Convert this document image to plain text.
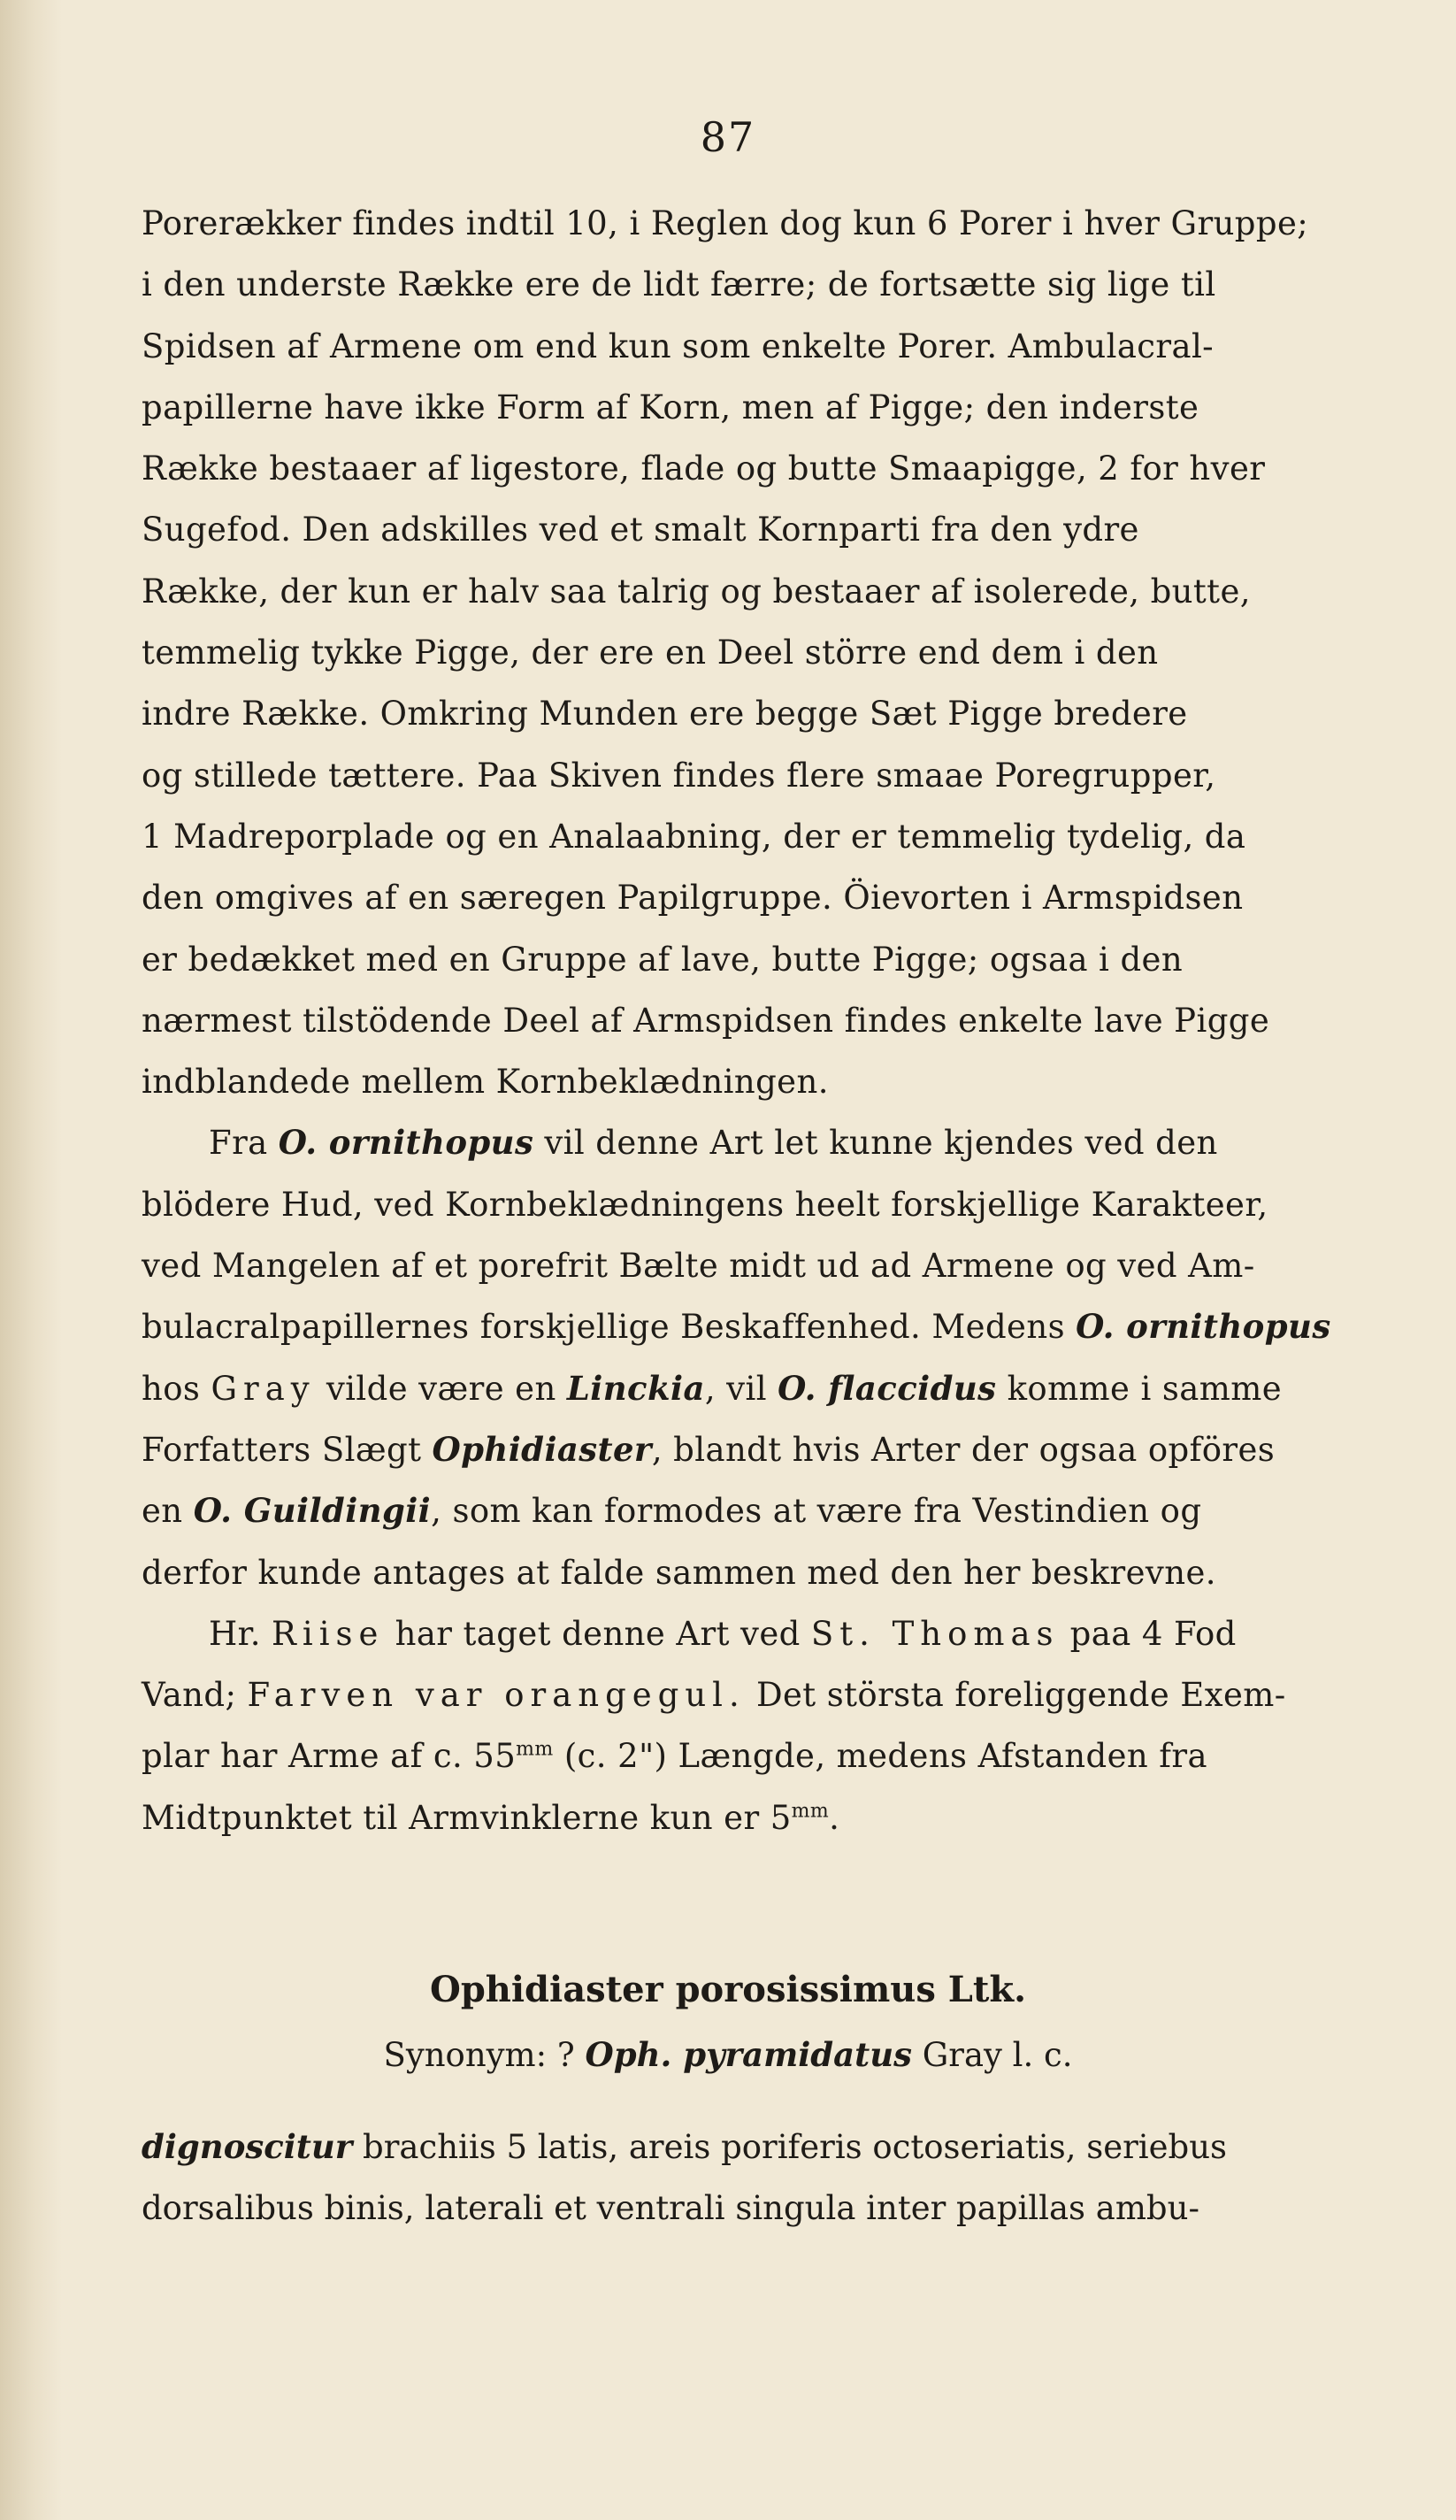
87
Porerækker findes indtil 10, i Reglen dog kun 6 Porer i hver Gruppe;
i den underste Række ere de lidt færre; de fortsætte sig lige til
Spidsen af Armene om end kun som enkelte Porer. Ambulacral-
papillerne have ikke Form af Korn, men af Pigge; den inderste
Række bestaaer af ligestore, flade og butte Smaapigge, 2 for hver
Sugefod. Den adskilles ved et smalt Kornparti fra den ydre
Række, der kun er halv saa talrig og bestaaer af isolerede, butte,
temmelig tykke Pigge, der ere en Deel större end dem i den
indre Række. Omkring Munden ere begge Sæt Pigge bredere
og stillede tættere. Paa Skiven findes flere smaae Poregrupper,
1 Madreporplade og en Analaabning, der er temmelig tydelig, da
den omgives af en særegen Papilgruppe. Öievorten i Armspidsen
er bedækket med en Gruppe af lave, butte Pigge; ogsaa i den
nærmest tilstödende Deel af Armspidsen findes enkelte lave Pigge
indblandede mellem Kornbeklædningen.
Fra O. ornithopus vil denne Art let kunne kjendes ved den
blödere Hud, ved Kornbeklædningens heelt forskjellige Karakteer,
ved Mangelen af et porefrit Bælte midt ud ad Armene og ved Am-
bulacralpapillernes forskjellige Beskaffenhed. Medens O. ornithopus
hos Gray vilde være en Linckia, vil O. flaccidus komme i samme
Forfatters Slægt Ophidiaster, blandt hvis Arter der ogsaa opföres
en O. Guildingii, som kan formodes at være fra Vestindien og
derfor kunde antages at falde sammen med den her beskrevne.
Hr. Riise har taget denne Art ved St. Thomas paa 4 Fod
Vand; Farven var orangegul. Det största foreliggende Exem-
plar har Arme af c. $55^{mm}$ (c. 2") Længde, medens Afstanden fra
Midtpunktet til Armvinklerne kun er $5^{mm}$.
Ophidiaster porosissimus Ltk.
Synonym: ? Oph. pyramidatus Gray l. c.
dignoscitur brachiis 5 latis, areis poriferis octoseriatis, seriebus
dorsalibus binis, laterali et ventrali singula inter papillas ambu-
